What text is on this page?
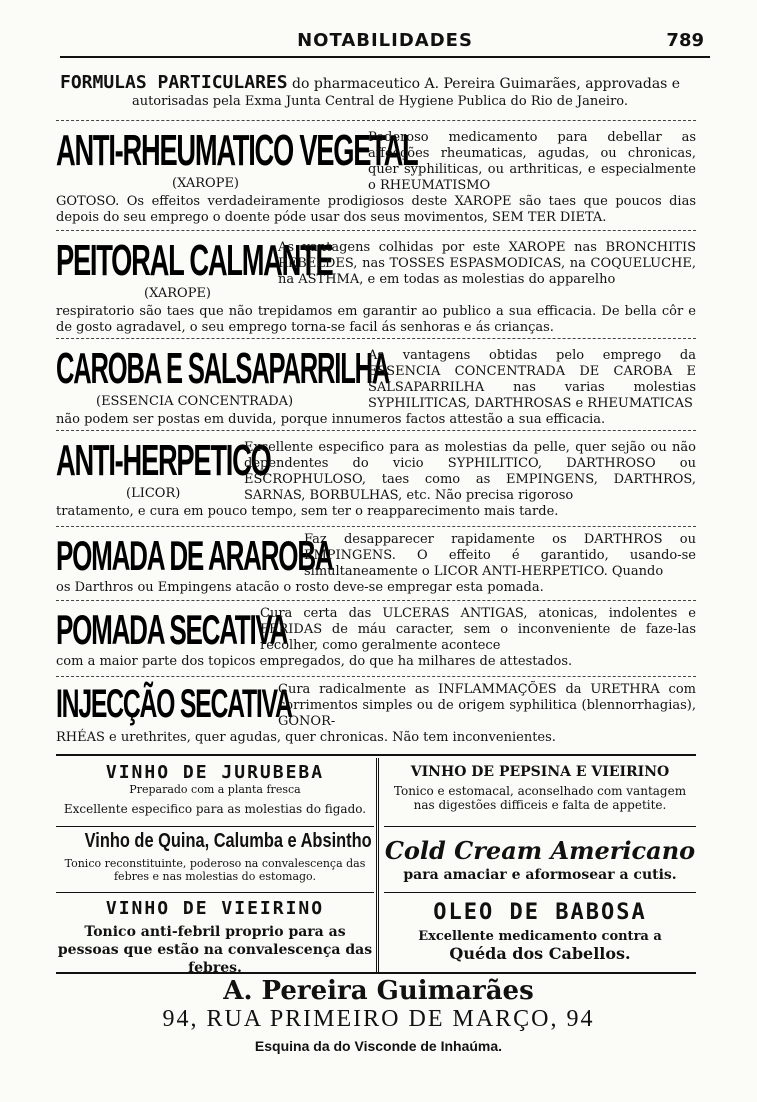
NOTABILIDADES	789
FORMULAS PARTICULARES do pharmaceutico A. Pereira Guimarães, approvadas e
autorisadas pela Exma Junta Central de Hygiene Publica do Rio de Janeiro.
ANTI-RHEUMATICO VEGETAL
(XAROPE)
Poderoso medicamento para debellar as affecções rheumaticas, agudas, ou chronicas, quer syphiliticas, ou arthriticas, e especialmente o RHEUMATISMO
GOTOSO. Os effeitos verdadeiramente prodigiosos deste XAROPE são taes que poucos dias depois do seu emprego o doente póde usar dos seus movimentos, SEM TER DIETA.
PEITORAL CALMANTE
(XAROPE)
As vantagens colhidas por este XAROPE nas BRONCHITIS REBELDES, nas TOSSES ESPASMODICAS, na COQUELUCHE, na ASTHMA, e em todas as molestias do apparelho
respiratorio são taes que não trepidamos em garantir ao publico a sua efficacia. De bella côr e de gosto agradavel, o seu emprego torna-se facil ás senhoras e ás crianças.
CAROBA E SALSAPARRILHA
(ESSENCIA CONCENTRADA)
As vantagens obtidas pelo emprego da ESSENCIA CONCENTRADA DE CAROBA E SALSAPARRILHA nas varias molestias SYPHILITICAS, DARTHROSAS e RHEUMATICAS
não podem ser postas em duvida, porque innumeros factos attestão a sua efficacia.
ANTI-HERPETICO
(LICOR)
Excellente especifico para as molestias da pelle, quer sejão ou não dependentes do vicio SYPHILITICO, DARTHROSO ou ESCROPHULOSO, taes como as EMPINGENS, DARTHROS, SARNAS, BORBULHAS, etc. Não precisa rigoroso
tratamento, e cura em pouco tempo, sem ter o reapparecimento mais tarde.
POMADA DE ARAROBA
Faz desapparecer rapidamente os DARTHROS ou EMPINGENS. O effeito é garantido, usando-se simultaneamente o LICOR ANTI-HERPETICO. Quando
os Darthros ou Empingens atacão o rosto deve-se empregar esta pomada.
POMADA SECATIVA
Cura certa das ULCERAS ANTIGAS, atonicas, indolentes e FERIDAS de máu caracter, sem o inconveniente de faze-las recolher, como geralmente acontece
com a maior parte dos topicos empregados, do que ha milhares de attestados.
INJECÇÃO SECATIVA
Cura radicalmente as INFLAMMAÇÕES da URETHRA com corrimentos simples ou de origem syphilitica (blennorrhagias), GONOR-
RHÉAS e urethrites, quer agudas, quer chronicas. Não tem inconvenientes.
VINHO DE JURUBEBA
Preparado com a planta fresca
Excellente especifico para as molestias do figado.
VINHO DE PEPSINA E VIEIRINO
Tonico e estomacal, aconselhado com vantagem nas digestões difficeis e falta de appetite.
Vinho de Quina, Calumba e Absintho
Tonico reconstituinte, poderoso na convalescença das febres e nas molestias do estomago.
Cold Cream Americano
para amaciar e aformosear a cutis.
VINHO DE VIEIRINO
Tonico anti-febril proprio para as pessoas que estão na convalescença das febres.
OLEO DE BABOSA
Excellente medicamento contra a
Quéda dos Cabellos.
A. Pereira Guimarães
94, RUA PRIMEIRO DE MARÇO, 94
Esquina da do Visconde de Inhaúma.
